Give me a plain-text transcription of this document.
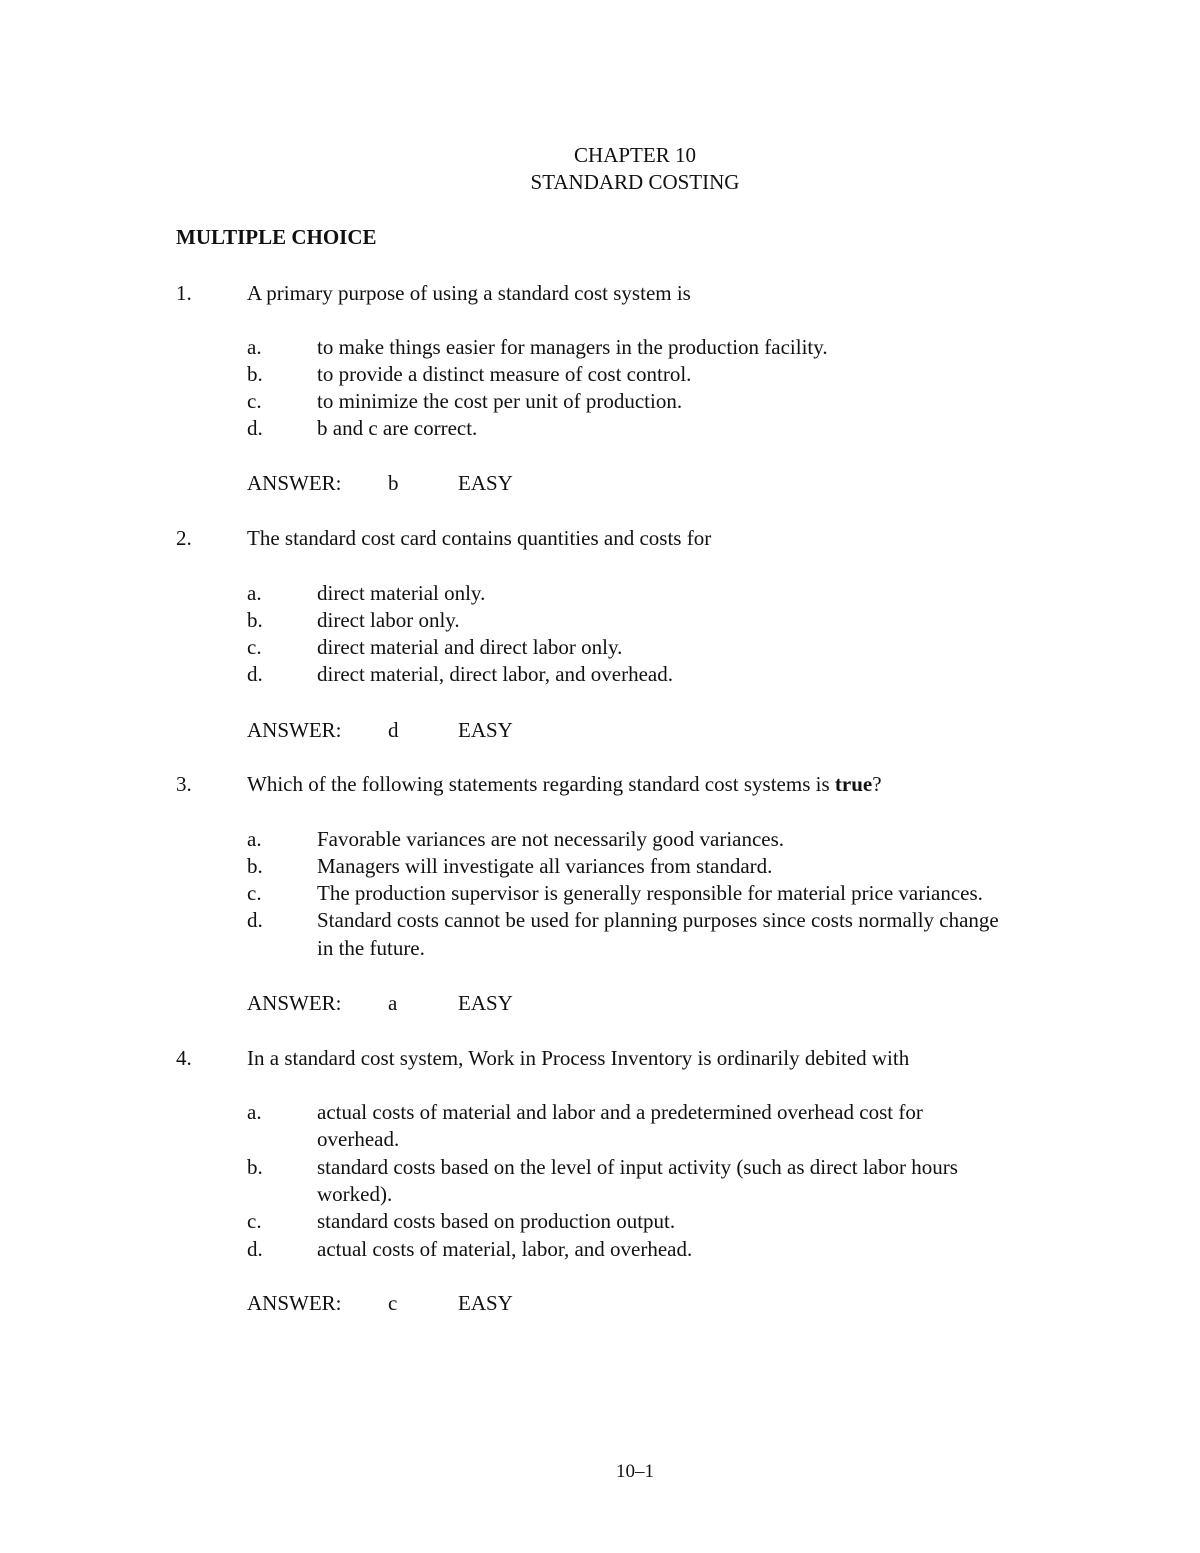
CHAPTER 10
STANDARD COSTING
MULTIPLE CHOICE
1.	A primary purpose of using a standard cost system is
a.	to make things easier for managers in the production facility.
b.	to provide a distinct measure of cost control.
c.	to minimize the cost per unit of production.
d.	b and c are correct.
ANSWER: b	EASY
2.	The standard cost card contains quantities and costs for
a.	direct material only.
b.	direct labor only.
c.	direct material and direct labor only.
d.	direct material, direct labor, and overhead.
ANSWER: d	EASY
3.	Which of the following statements regarding standard cost systems is true?
a.	Favorable variances are not necessarily good variances.
b.	Managers will investigate all variances from standard.
c.	The production supervisor is generally responsible for material price variances.
d.	Standard costs cannot be used for planning purposes since costs normally change
in the future.
ANSWER: a	EASY
4.	In a standard cost system, Work in Process Inventory is ordinarily debited with
a.	actual costs of material and labor and a predetermined overhead cost for
overhead.
b.	standard costs based on the level of input activity (such as direct labor hours
worked).
c.	standard costs based on production output.
d.	actual costs of material, labor, and overhead.
ANSWER: c	EASY
10–1
